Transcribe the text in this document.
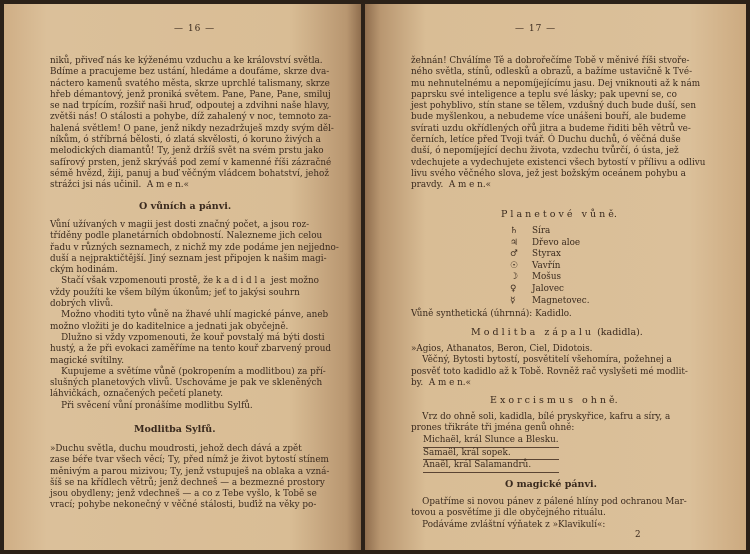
— 16 —
niků, přiveď nás ke kýženému vzduchu a ke království světla.
Bdíme a pracujeme bez ustání, hledáme a doufáme, skrze dva-
náctero kamenů svatého města, skrze uprchlé talismany, skrze
hřeb démantový, jenž proniká světem. Pane, Pane, Pane, smiluj
se nad trpícím, rozšiř naši hruď, odpoutej a zdvihni naše hlavy,
zvětši nás! O stálosti a pohybe, díž zahalený v noc, temnoto za-
halená světlem! O pane, jenž nikdy nezadržuješ mzdy svým děl-
níkům, ó stříbrná bělosti, ó zlatá skvělosti, ó koruno živých a
melodických diamantů! Ty, jenž držíš svět na svém prstu jako
safírový prsten, jenž skrýváš pod zemí v kamenné říši zázračné
sémě hvězd, žiji, panuj a buď věčným vládcem bohatství, jehož
strážci jsi nás učinil.  A m e n.«
O vůních a pánvi.
Vůní užívaných v magii jest dosti značný počet, a jsou roz-
tříděny podle planetárních obdobností. Nalezneme jich celou
řadu v různých seznamech, z nichž my zde podáme jen nejjedno-
duší a nejpraktičtější. Jiný seznam jest připojen k našim magi-
ckým hodinám.
Stačí však vzpomenouti prostě, že k a d i d l a  jest možno
vždy použíti ke všem bílým úkonům; jeť to jakýsi souhrn
dobrých vlivů.
Možno vhoditi tyto vůně na žhavé uhlí magické pánve, aneb
možno vložiti je do kaditelnice a jednati jak obyčejně.
Dlužno si vždy vzpomenouti, že kouř povstalý má býti dosti
hustý, a že při evokaci zaměříme na tento kouř zbarvený proud
magické svítilny.
Kupujeme a světíme vůně (pokropením a modlitbou) za pří-
slušných planetových vlivů. Uschováme je pak ve skleněných
láhvičkách, označených pečetí planety.
Při svěcení vůní pronášíme modlitbu Sylfů.
Modlitba Sylfů.
»Duchu světla, duchu moudrosti, jehož dech dává a zpět
zase béře tvar všech věcí; Ty, před nímž je život bytostí stínem
měnivým a parou mizivou; Ty, jenž vstupuješ na oblaka a vzná-
šíš se na křídlech větrů; jenž dechneš — a bezmezné prostory
jsou obydleny; jenž vdechneš — a co z Tebe vyšlo, k Tobě se
vrací; pohybe nekonečný v věčné stálosti, buďiž na věky po-
— 17 —
žehnán! Chválíme Tě a dobrořečíme Tobě v měnivé říši stvoře-
ného světla, stínů, odlesků a obrazů, a bažíme ustavičně k Tvé-
mu nehnutelnému a nepomíjejícímu jasu. Dej vniknouti až k nám
paprsku své inteligence a teplu své lásky; pak upevní se, co
jest pohyblivo, stín stane se tělem, vzdušný duch bude duší, sen
bude myšlenkou, a nebudeme více unášeni bouří, ale budeme
svírati uzdu okřídlených ořů jitra a budeme řiditi běh větrů ve-
černích, letíce před Tvoji tvář. Ó Duchu duchů, ó věčná duše
duší, ó nepomíjející dechu života, vzdechu tvůrčí, ó ústa, jež
vdechujete a vydechujete existenci všech bytostí v přílivu a odlivu
livu svého věčného slova, jež jest božským oceánem pohybu a
pravdy.  A m e n.«
P l a n e t o v é   v ů n ě.
♄ Síra
♃ Dřevo aloe
♂ Styrax
☉ Vavřín
☽ Mošus
♀ Jalovec
☿ Magnetovec.
Vůně synthetická (úhrnná): Kadidlo.
M o d l i t b a   z á p a l u  (kadidla).
»Agios, Athanatos, Beron, Ciel, Didotois.
Věčný, Bytosti bytostí, posvětitelí všehomíra, požehnej a
posvěť toto kadidlo až k Tobě. Rovněž rač vyslyšeti mé modlit-
by.  A m e n.«
E x o r c i s m u s   o h n ě.
Vrz do ohně soli, kadidla, bílé pryskyřice, kafru a síry, a
prones třikráte tři jména genů ohně:
Michaël, král Slunce a Blesku.
Samaël, král sopek.
Anaël, král Salamandrů.
O magické pánvi.
Opatříme si novou pánev z pálené hlíny pod ochranou Mar-
tovou a posvětíme ji dle obyčejného rituálu.
Podáváme zvláštní výňatek z »Klavikulí«:
2
